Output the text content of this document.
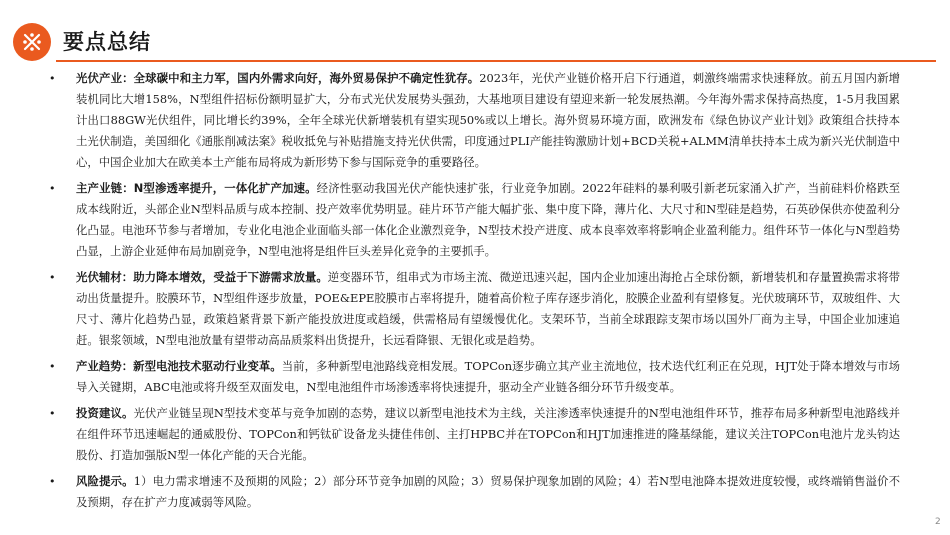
要点总结
• 光伏产业：全球碳中和主力军，国内外需求向好，海外贸易保护不确定性犹存。2023年，光伏产业链价格开启下行通道，刺激终端需求快速释放。前五月国内新增装机同比大增158%，N型组件招标份额明显扩大，分布式光伏发展势头强劲，大基地项目建设有望迎来新一轮发展热潮。今年海外需求保持高热度，1-5月我国累计出口88GW光伏组件，同比增长约39%，全年全球光伏新增装机有望实现50%或以上增长。海外贸易环境方面，欧洲发布《绿色协议产业计划》政策组合扶持本土光伏制造，美国细化《通胀削减法案》税收抵免与补贴措施支持光伏供需，印度通过PLI产能挂钩激励计划+BCD关税+ALMM清单扶持本土成为新兴光伏制造中心，中国企业加大在欧美本土产能布局将成为新形势下参与国际竞争的重要路径。
• 主产业链：N型渗透率提升，一体化扩产加速。经济性驱动我国光伏产能快速扩张，行业竞争加剧。2022年硅料的暴利吸引新老玩家涌入扩产，当前硅料价格跌至成本线附近，头部企业N型料品质与成本控制、投产效率优势明显。硅片环节产能大幅扩张、集中度下降，薄片化、大尺寸和N型硅是趋势，石英砂保供亦使盈利分化凸显。电池环节参与者增加，专业化电池企业面临头部一体化企业激烈竞争，N型技术投产进度、成本良率效率将影响企业盈利能力。组件环节一体化与N型趋势凸显，上游企业延伸布局加剧竞争，N型电池将是组件巨头差异化竞争的主要抓手。
• 光伏辅材：助力降本增效，受益于下游需求放量。逆变器环节，组串式为市场主流、微逆迅速兴起，国内企业加速出海抢占全球份额，新增装机和存量置换需求将带动出货量提升。胶膜环节，N型组件逐步放量，POE&EPE胶膜市占率将提升，随着高价粒子库存逐步消化，胶膜企业盈利有望修复。光伏玻璃环节，双玻组件、大尺寸、薄片化趋势凸显，政策趋紧背景下新产能投放进度或趋缓，供需格局有望缓慢优化。支架环节，当前全球跟踪支架市场以国外厂商为主导，中国企业加速追赶。银浆领域，N型电池放量有望带动高品质浆料出货提升，长远看降银、无银化或是趋势。
• 产业趋势：新型电池技术驱动行业变革。当前，多种新型电池路线竞相发展。TOPCon逐步确立其产业主流地位，技术迭代红利正在兑现，HJT处于降本增效与市场导入关键期，ABC电池或将升级至双面发电，N型电池组件市场渗透率将快速提升，驱动全产业链各细分环节升级变革。
• 投资建议。光伏产业链呈现N型技术变革与竞争加剧的态势，建议以新型电池技术为主线，关注渗透率快速提升的N型电池组件环节，推荐布局多种新型电池路线并在组件环节迅速崛起的通威股份、TOPCon和钙钛矿设备龙头捷佳伟创、主打HPBC并在TOPCon和HJT加速推进的隆基绿能，建议关注TOPCon电池片龙头钧达股份、打造加强版N型一体化产能的天合光能。
• 风险提示。1）电力需求增速不及预期的风险；2）部分环节竞争加剧的风险；3）贸易保护现象加剧的风险；4）若N型电池降本提效进度较慢，或终端销售溢价不及预期，存在扩产力度减弱等风险。
2
